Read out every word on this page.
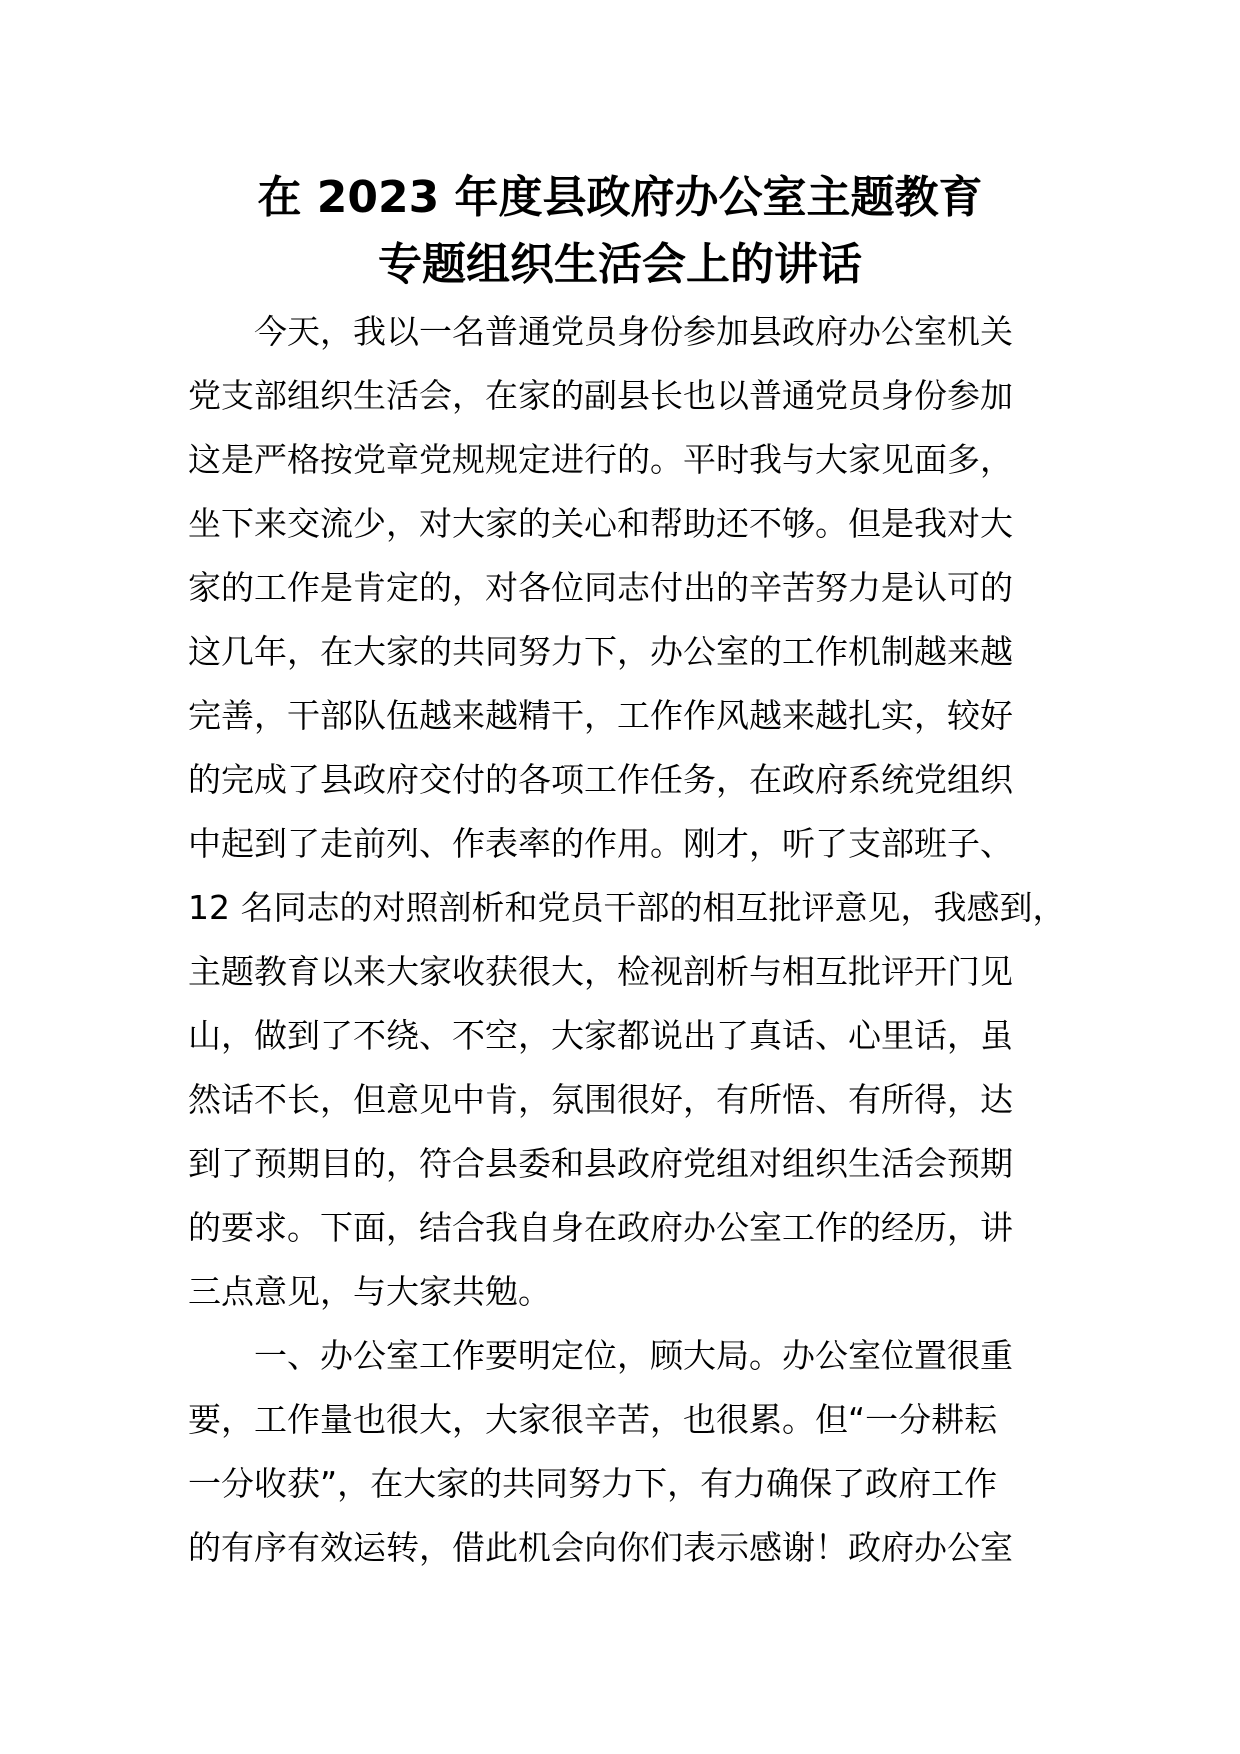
在 2023 年度县政府办公室主题教育
专题组织生活会上的讲话
今天，我以一名普通党员身份参加县政府办公室机关
党支部组织生活会，在家的副县长也以普通党员身份参加
这是严格按党章党规规定进行的。平时我与大家见面多，
坐下来交流少，对大家的关心和帮助还不够。但是我对大
家的工作是肯定的，对各位同志付出的辛苦努力是认可的
这几年，在大家的共同努力下，办公室的工作机制越来越
完善，干部队伍越来越精干，工作作风越来越扎实，较好
的完成了县政府交付的各项工作任务，在政府系统党组织
中起到了走前列、作表率的作用。刚才，听了支部班子、
12 名同志的对照剖析和党员干部的相互批评意见，我感到，
主题教育以来大家收获很大，检视剖析与相互批评开门见
山，做到了不绕、不空，大家都说出了真话、心里话，虽
然话不长，但意见中肯，氛围很好，有所悟、有所得，达
到了预期目的，符合县委和县政府党组对组织生活会预期
的要求。下面，结合我自身在政府办公室工作的经历，讲
三点意见，与大家共勉。
一、办公室工作要明定位，顾大局。办公室位置很重
要，工作量也很大，大家很辛苦，也很累。但“一分耕耘
一分收获”，在大家的共同努力下，有力确保了政府工作
的有序有效运转，借此机会向你们表示感谢！政府办公室
